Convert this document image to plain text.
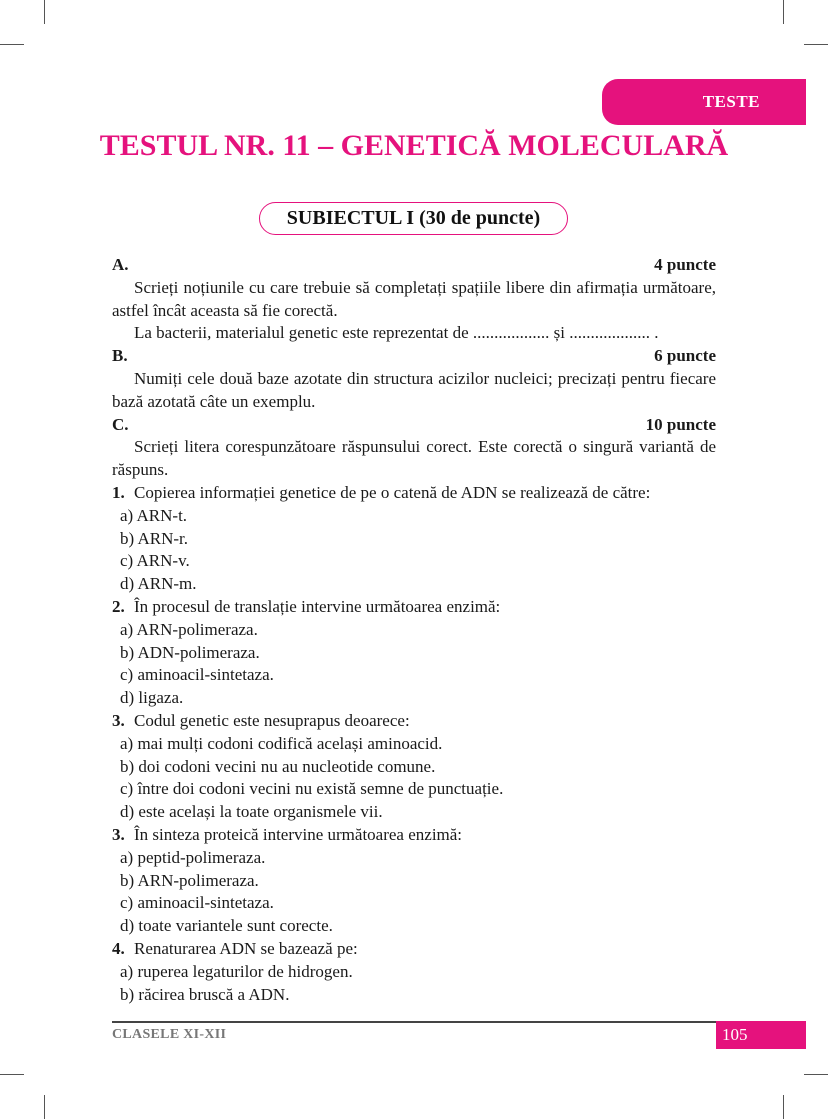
TESTE
TESTUL NR. 11 – GENETICĂ MOLECULARĂ
SUBIECTUL I (30 de puncte)
A.	4 puncte

Scrieți noțiunile cu care trebuie să completați spațiile libere din afirmația următoare, astfel încât aceasta să fie corectă.

La bacterii, materialul genetic este reprezentat de .................. și ................... .

B.	6 puncte

Numiți cele două baze azotate din structura acizilor nucleici; precizați pentru fiecare bază azotată câte un exemplu.

C.	10 puncte

Scrieți litera corespunzătoare răspunsului corect. Este corectă o singură variantă de răspuns.

1. Copierea informației genetice de pe o catenă de ADN se realizează de către:
a) ARN-t.
b) ARN-r.
c) ARN-v.
d) ARN-m.
2. În procesul de translație intervine următoarea enzimă:
a) ARN-polimeraza.
b) ADN-polimeraza.
c) aminoacil-sintetaza.
d) ligaza.
3. Codul genetic este nesuprapus deoarece:
a) mai mulți codoni codifică același aminoacid.
b) doi codoni vecini nu au nucleotide comune.
c) între doi codoni vecini nu există semne de punctuație.
d) este același la toate organismele vii.
3. În sinteza proteică intervine următoarea enzimă:
a) peptid-polimeraza.
b) ARN-polimeraza.
c) aminoacil-sintetaza.
d) toate variantele sunt corecte.
4. Renaturarea ADN se bazează pe:
a) ruperea legaturilor de hidrogen.
b) răcirea bruscă a ADN.
CLASELE XI-XII	105
